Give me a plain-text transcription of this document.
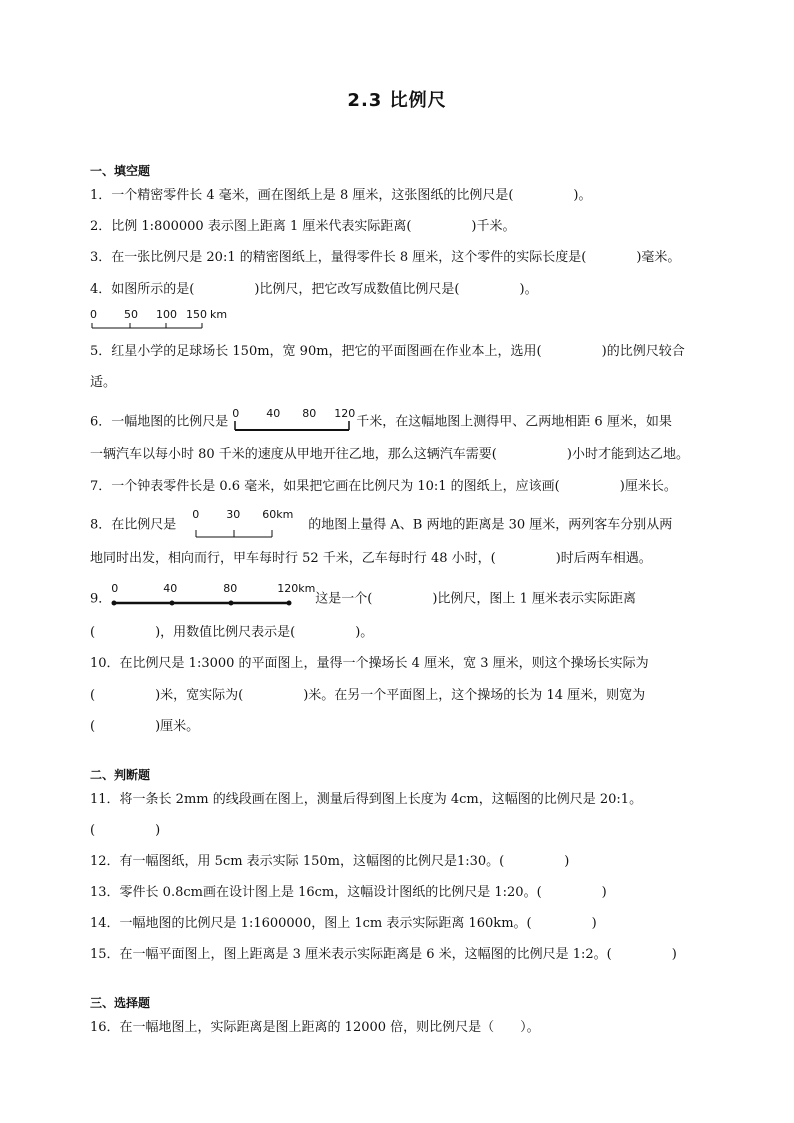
2.3 比例尺
一、填空题
1．一个精密零件长 4 毫米，画在图纸上是 8 厘米，这张图纸的比例尺是(	)。
2．比例 1:800000 表示图上距离 1 厘米代表实际距离(	)千米。
3．在一张比例尺是 20:1 的精密图纸上，量得零件长 8 厘米，这个零件的实际长度是(	)毫米。
4．如图所示的是(	)比例尺，把它改写成数值比例尺是(	)。
0 50 100 150 km
5．红星小学的足球场长 150m，宽 90m，把它的平面图画在作业本上，选用(	)的比例尺较合
适。
6．一幅地图的比例尺是
0 40 80 120
千米，在这幅地图上测得甲、乙两地相距 6 厘米，如果
一辆汽车以每小时 80 千米的速度从甲地开往乙地，那么这辆汽车需要(	)小时才能到达乙地。
7．一个钟表零件长是 0.6 毫米，如果把它画在比例尺为 10:1 的图纸上，应该画(	)厘米长。
8．在比例尺是
0 30 60km
的地图上量得 A、B 两地的距离是 30 厘米，两列客车分别从两
地同时出发，相向而行，甲车每时行 52 千米，乙车每时行 48 小时，(	)时后两车相遇。
9．
0	40	80	120km
这是一个(	)比例尺，图上 1 厘米表示实际距离
(	)，用数值比例尺表示是(	)。
10．在比例尺是 1:3000 的平面图上，量得一个操场长 4 厘米，宽 3 厘米，则这个操场长实际为
(	)米，宽实际为(	)米。在另一个平面图上，这个操场的长为 14 厘米，则宽为
(	)厘米。
二、判断题
11．将一条长 2mm 的线段画在图上，测量后得到图上长度为 4cm，这幅图的比例尺是 20:1。
(	)
12．有一幅图纸，用 5cm 表示实际 150m，这幅图的比例尺是1:30。(	)
13．零件长 0.8cm画在设计图上是 16cm，这幅设计图纸的比例尺是 1:20。(	)
14．一幅地图的比例尺是 1:1600000，图上 1cm 表示实际距离 160km。(	)
15．在一幅平面图上，图上距离是 3 厘米表示实际距离是 6 米，这幅图的比例尺是 1:2。(	)
三、选择题
16．在一幅地图上，实际距离是图上距离的 12000 倍，则比例尺是（ ）。
